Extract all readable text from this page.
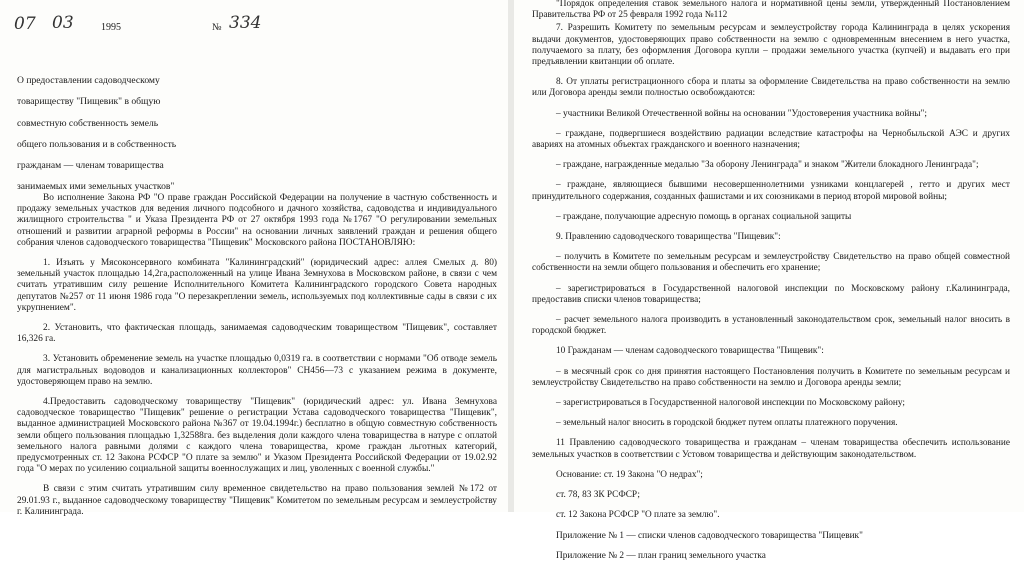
07 03	1995	№ 334
О предоставлении садоводческому
товариществу "Пищевик" в общую
совместную собственность земель
общего пользования и в собственность
гражданам — членам товарищества
занимаемых ими земельных участков"

Во исполнение Закона РФ "О праве граждан Российской Федерации на получение в частную собственность и продажу земельных участков для ведения личного подсобного и дачного хозяйства, садоводства и индивидуального жилищного строительства " и Указа Президента РФ от 27 октября 1993 года №1767 "О регулировании земельных отношений и развитии аграрной реформы в России" на основании личных заявлений граждан и решения общего собрания членов садоводческого товарищества "Пищевик" Московского района ПОСТАНОВЛЯЮ:

1. Изъять у Мясоконсервного комбината "Калининградский" (юридический адрес: аллея Смелых д. 80) земельный участок площадью 14,2га,расположенный на улице Ивана Земнухова в Московском районе, в связи с чем считать утратившим силу решение Исполнительного Комитета Калининградского городского Совета народных депутатов №257 от 11 июня 1986 года "О перезакреплении земель, используемых под коллективные сады в связи с их укрупнением".

2. Установить, что фактическая площадь, занимаемая садоводческим товариществом "Пищевик", составляет 16,326 га.

3. Установить обременение земель на участке площадью 0,0319 га. в соответствии с нормами "Об отводе земель для магистральных водоводов и канализационных коллекторов" СН456—73 с указанием режима в документе, удостоверяющем право на землю.

4.Предоставить садоводческому товариществу "Пищевик" (юридический адрес: ул. Ивана Земнухова садоводческое товарищество "Пищевик" решение о регистрации Устава садоводческого товарищества "Пищевик", выданное администрацией Московского района №367 от 19.04.1994г.) бесплатно в общую совместную собственность земли общего пользования площадью 1,32588га. без выделения доли каждого члена товарищества в натуре с оплатой земельного налога равными долями с каждого члена товарищества, кроме граждан льготных категорий, предусмотренных ст. 12 Закона РСФСР "О плате за землю" и Указом Президента Российской Федерации от 19.02.92 года "О мерах по усилению социальной защиты военнослужащих и лиц, уволенных с военной службы."

В связи с этим считать утратившим силу временное свидетельство на право пользования землей №172 от 29.01.93 г., выданное садоводческому товариществу "Пищевик" Комитетом по земельным ресурсам и землеустройству г. Калининграда.

"Порядок определения ставок земельного налога и нормативной цены земли, утвержденный Постановлением Правительства РФ от 25 февраля 1992 года №112

7. Разрешить Комитету по земельным ресурсам и землеустройству города Калининграда в целях ускорения выдачи документов, удостоверяющих право собственности на землю с одновременным внесением в него участка, получаемого за плату, без оформления Договора купли – продажи земельного участка (купчей) и выдавать его при предъявлении квитанции об оплате.

8. От уплаты регистрационного сбора и платы за оформление Свидетельства на право собственности на землю или Договора аренды земли полностью освобождаются:

– участники Великой Отечественной войны на основании "Удостоверения участника войны";

– граждане, подвергшиеся воздействию радиации вследствие катастрофы на Чернобыльской АЭС и других авариях на атомных объектах гражданского и военного назначения;

– граждане, награжденные медалью "За оборону Ленинграда" и знаком "Жители блокадного Ленинграда";

– граждане, являющиеся бывшими несовершеннолетними узниками концлагерей , гетто и других мест принудительного содержания, созданных фашистами и их союзниками в период второй мировой войны;

– граждане, получающие адресную помощь в органах социальной защиты

9. Правлению садоводческого товарищества "Пищевик":

– получить в Комитете по земельным ресурсам и землеустройству Свидетельство на право общей совместной собственности на земли общего пользования и обеспечить его хранение;

– зарегистрироваться в Государственной налоговой инспекции по Московскому району г.Калининграда, предоставив списки членов товарищества;

– расчет земельного налога производить в установленный законодательством срок, земельный налог вносить в городской бюджет.

10 Гражданам — членам садоводческого товарищества "Пищевик":

– в месячный срок со дня принятия настоящего Постановления получить в Комитете по земельным ресурсам и землеустройству Свидетельство на право собственности на землю и Договора аренды земли;

– зарегистрироваться в Государственной налоговой инспекции по Московскому району;

– земельный налог вносить в городской бюджет путем оплаты платежного поручения.

11 Правлению садоводческого товарищества и гражданам – членам товарищества обеспечить использование земельных участков в соответствии с Устовом товарищества и действующим законодательством.

Основание: ст. 19 Закона "О недрах";

ст. 78, 83 ЗК РСФСР;

ст. 12 Закона РСФСР "О плате за землю".

Приложение № 1 — списки членов садоводческого товарищества "Пищевик"

Приложение № 2 — план границ земельного участка
